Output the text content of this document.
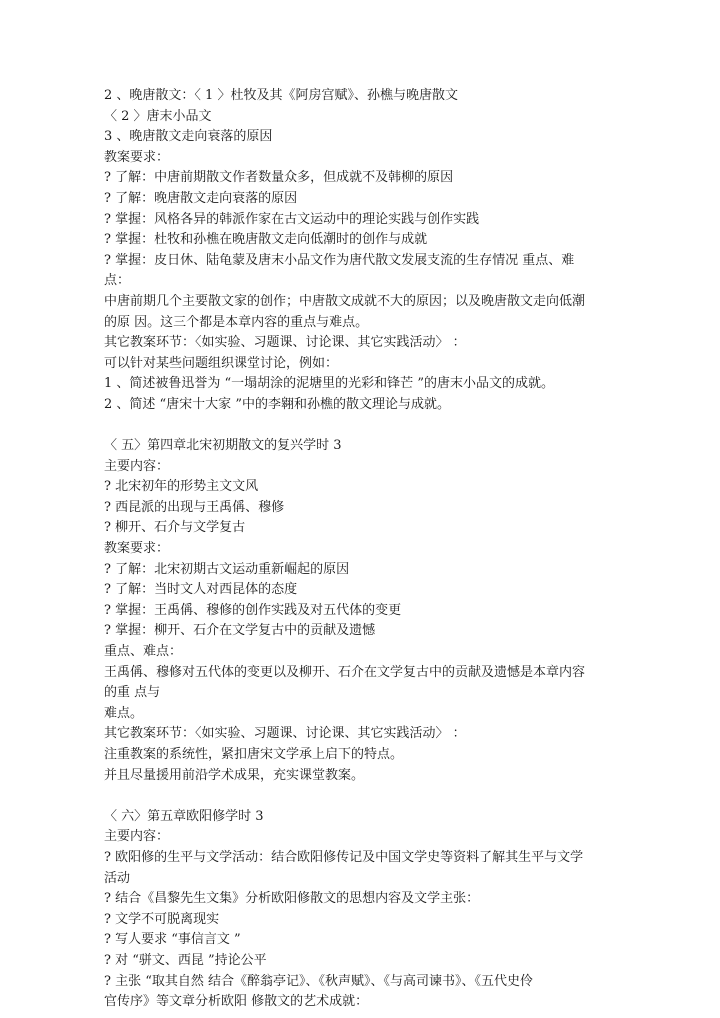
2 、晚唐散文：〈 1 〉杜牧及其《阿房宫赋》、孙樵与晚唐散文
〈 2 〉唐末小品文
3 、晚唐散文走向衰落的原因
教案要求：
? 了解：中唐前期散文作者数量众多，但成就不及韩柳的原因
? 了解：晚唐散文走向衰落的原因
? 掌握：风格各异的韩派作家在古文运动中的理论实践与创作实践
? 掌握：杜牧和孙樵在晚唐散文走向低潮时的创作与成就
? 掌握：皮日休、陆龟蒙及唐末小品文作为唐代散文发展支流的生存情况 重点、难
点：
中唐前期几个主要散文家的创作；中唐散文成就不大的原因；以及晚唐散文走向低潮
的原 因。这三个都是本章内容的重点与难点。
其它教案环节：〈如实验、习题课、讨论课、其它实践活动〉 ：
可以针对某些问题组织课堂讨论，例如：
1 、简述被鲁迅誉为 “一塌胡涂的泥塘里的光彩和锋芒 ”的唐末小品文的成就。
2 、简述 “唐宋十大家 ”中的李翱和孙樵的散文理论与成就。
〈 五〉第四章北宋初期散文的复兴学时 3
主要内容：
? 北宋初年的形势主文文风
? 西昆派的出现与王禹偁、穆修
? 柳开、石介与文学复古
教案要求：
? 了解：北宋初期古文运动重新崛起的原因
? 了解：当时文人对西昆体的态度
? 掌握：王禹偁、穆修的创作实践及对五代体的变更
? 掌握：柳开、石介在文学复古中的贡献及遗憾
重点、难点：
王禹偁、穆修对五代体的变更以及柳开、石介在文学复古中的贡献及遗憾是本章内容
的重 点与
难点。
其它教案环节：〈如实验、习题课、讨论课、其它实践活动〉 ：
注重教案的系统性，紧扣唐宋文学承上启下的特点。
并且尽量援用前沿学术成果，充实课堂教案。
〈 六〉第五章欧阳修学时 3
主要内容：
? 欧阳修的生平与文学活动：结合欧阳修传记及中国文学史等资料了解其生平与文学
活动
? 结合《昌黎先生文集》分析欧阳修散文的思想内容及文学主张：
? 文学不可脱离现实
? 写人要求 “事信言文 ”
? 对 “骈文、西昆 ”持论公平
? 主张 “取其自然 结合《醉翁亭记》、《秋声赋》、《与高司谏书》、《五代史伶
官传序》等文章分析欧阳 修散文的艺术成就：
